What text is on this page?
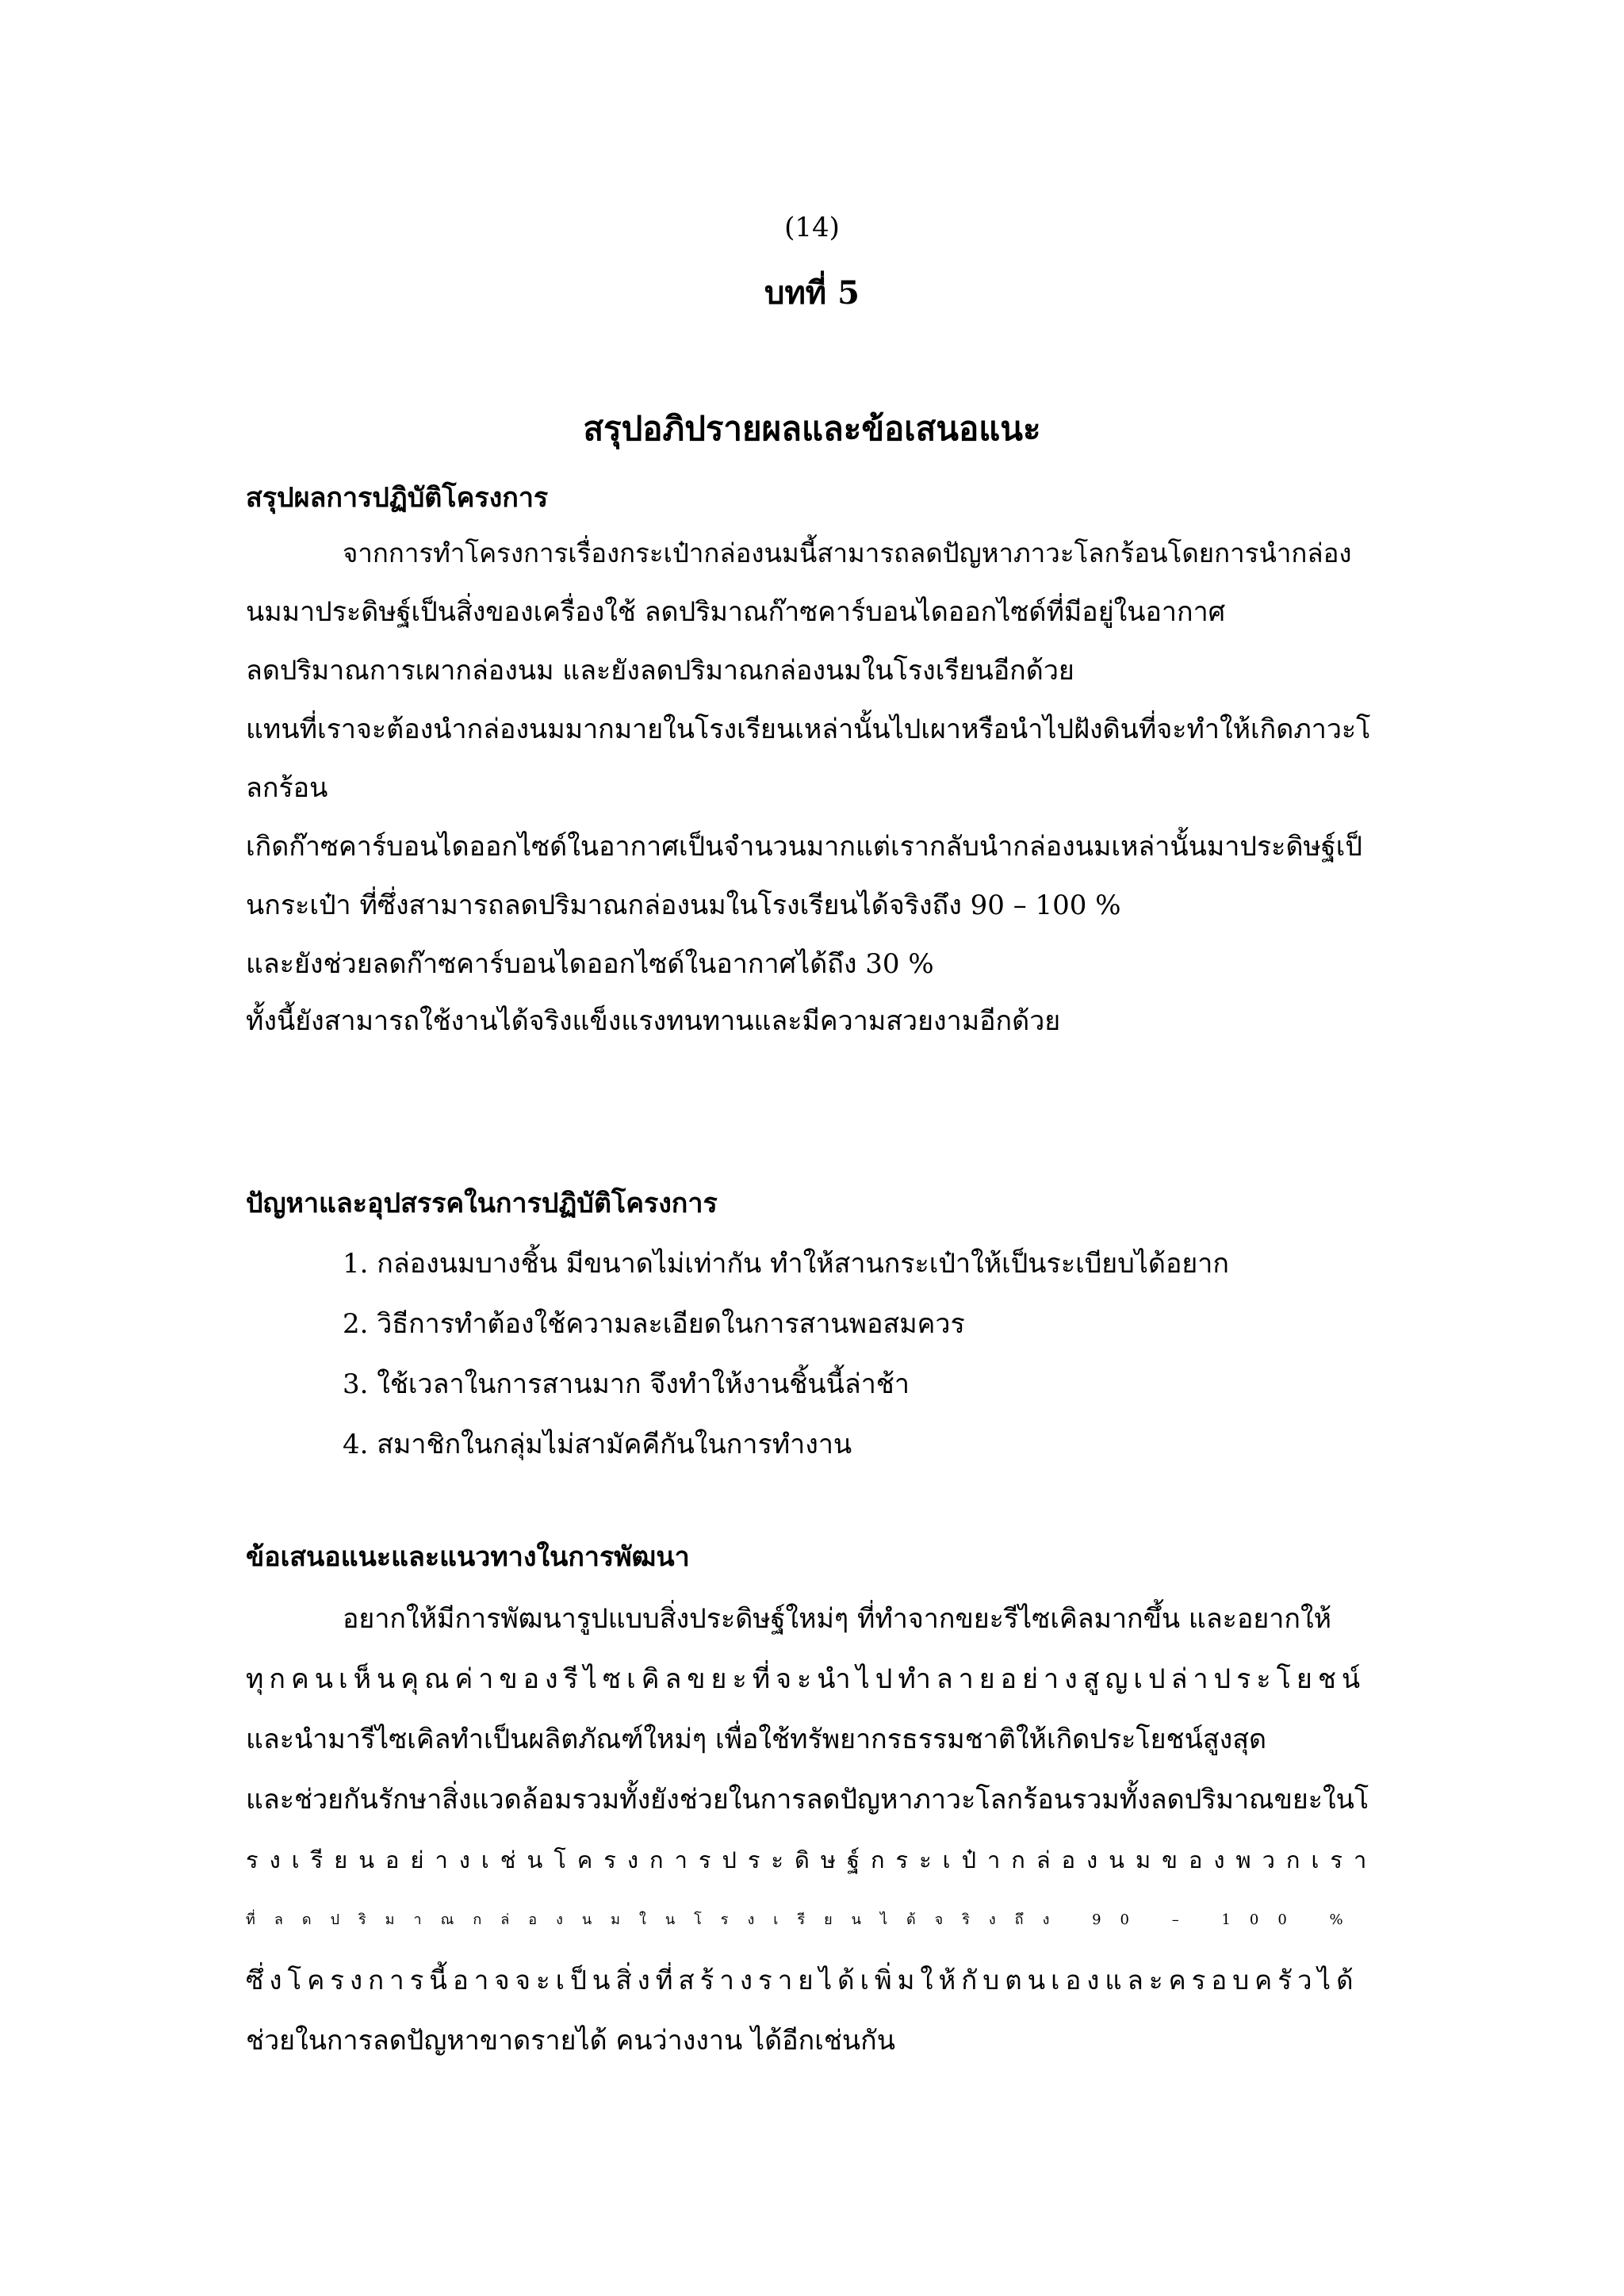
(14)
บทที่ 5
สรุปอภิปรายผลและข้อเสนอแนะ
สรุปผลการปฏิบัติโครงการ
จากการทำโครงการเรื่องกระเป๋ากล่องนมนี้สามารถลดปัญหาภาวะโลกร้อนโดยการนำกล่อง
นมมาประดิษฐ์เป็นสิ่งของเครื่องใช้ ลดปริมาณก๊าซคาร์บอนไดออกไซด์ที่มีอยู่ในอากาศ
ลดปริมาณการเผากล่องนม และยังลดปริมาณกล่องนมในโรงเรียนอีกด้วย
แทนที่เราจะต้องนำกล่องนมมากมายในโรงเรียนเหล่านั้นไปเผาหรือนำไปฝังดินที่จะทำให้เกิดภาวะโ
ลกร้อน
เกิดก๊าซคาร์บอนไดออกไซด์ในอากาศเป็นจำนวนมากแต่เรากลับนำกล่องนมเหล่านั้นมาประดิษฐ์เป็
นกระเป๋า ที่ซึ่งสามารถลดปริมาณกล่องนมในโรงเรียนได้จริงถึง 90 – 100 %
และยังช่วยลดก๊าซคาร์บอนไดออกไซด์ในอากาศได้ถึง 30 %
ทั้งนี้ยังสามารถใช้งานได้จริงแข็งแรงทนทานและมีความสวยงามอีกด้วย
ปัญหาและอุปสรรคในการปฏิบัติโครงการ
1. กล่องนมบางชิ้น มีขนาดไม่เท่ากัน ทำให้สานกระเป๋าให้เป็นระเบียบได้อยาก
2. วิธีการทำต้องใช้ความละเอียดในการสานพอสมควร
3. ใช้เวลาในการสานมาก จึงทำให้งานชิ้นนี้ล่าช้า
4. สมาชิกในกลุ่มไม่สามัคคีกันในการทำงาน
ข้อเสนอแนะและแนวทางในการพัฒนา
อยากให้มีการพัฒนารูปแบบสิ่งประดิษฐ์ใหม่ๆ ที่ทำจากขยะรีไซเคิลมากขึ้น และอยากให้
ทุกคนเห็นคุณค่าของรีไซเคิลขยะที่จะนำไปทำลายอย่างสูญเปล่าประโยชน์
และนำมารีไซเคิลทำเป็นผลิตภัณฑ์ใหม่ๆ เพื่อใช้ทรัพยากรธรรมชาติให้เกิดประโยชน์สูงสุด
และช่วยกันรักษาสิ่งแวดล้อมรวมทั้งยังช่วยในการลดปัญหาภาวะโลกร้อนรวมทั้งลดปริมาณขยะในโ
รงเรียนอย่างเช่นโครงการประดิษฐ์กระเป๋ากล่องนมของพวกเรา
ที่ลดปริมาณกล่องนมในโรงเรียนได้จริงถึง 90 – 100 %
ซึ่งโครงการนี้อาจจะเป็นสิ่งที่สร้างรายได้เพิ่มให้กับตนเองและครอบครัวได้
ช่วยในการลดปัญหาขาดรายได้ คนว่างงาน ได้อีกเช่นกัน
